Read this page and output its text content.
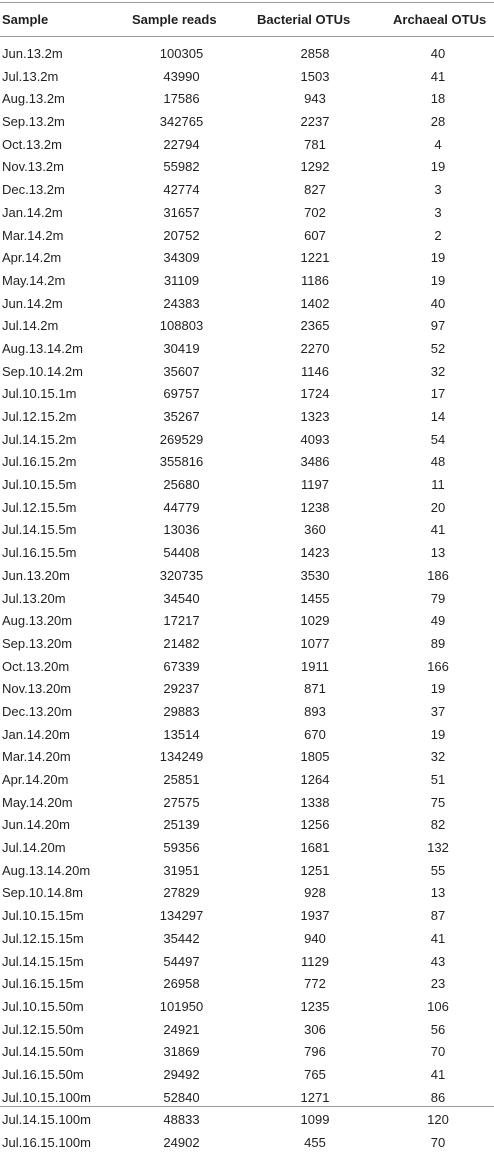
Sample	Sample reads	Bacterial OTUs	Archaeal OTUs
Jun.13.2m	100305	2858	40
Jul.13.2m	43990	1503	41
Aug.13.2m	17586	943	18
Sep.13.2m	342765	2237	28
Oct.13.2m	22794	781	4
Nov.13.2m	55982	1292	19
Dec.13.2m	42774	827	3
Jan.14.2m	31657	702	3
Mar.14.2m	20752	607	2
Apr.14.2m	34309	1221	19
May.14.2m	31109	1186	19
Jun.14.2m	24383	1402	40
Jul.14.2m	108803	2365	97
Aug.13.14.2m	30419	2270	52
Sep.10.14.2m	35607	1146	32
Jul.10.15.1m	69757	1724	17
Jul.12.15.2m	35267	1323	14
Jul.14.15.2m	269529	4093	54
Jul.16.15.2m	355816	3486	48
Jul.10.15.5m	25680	1197	11
Jul.12.15.5m	44779	1238	20
Jul.14.15.5m	13036	360	41
Jul.16.15.5m	54408	1423	13
Jun.13.20m	320735	3530	186
Jul.13.20m	34540	1455	79
Aug.13.20m	17217	1029	49
Sep.13.20m	21482	1077	89
Oct.13.20m	67339	1911	166
Nov.13.20m	29237	871	19
Dec.13.20m	29883	893	37
Jan.14.20m	13514	670	19
Mar.14.20m	134249	1805	32
Apr.14.20m	25851	1264	51
May.14.20m	27575	1338	75
Jun.14.20m	25139	1256	82
Jul.14.20m	59356	1681	132
Aug.13.14.20m	31951	1251	55
Sep.10.14.8m	27829	928	13
Jul.10.15.15m	134297	1937	87
Jul.12.15.15m	35442	940	41
Jul.14.15.15m	54497	1129	43
Jul.16.15.15m	26958	772	23
Jul.10.15.50m	101950	1235	106
Jul.12.15.50m	24921	306	56
Jul.14.15.50m	31869	796	70
Jul.16.15.50m	29492	765	41
Jul.10.15.100m	52840	1271	86
Jul.14.15.100m	48833	1099	120
Jul.16.15.100m	24902	455	70
